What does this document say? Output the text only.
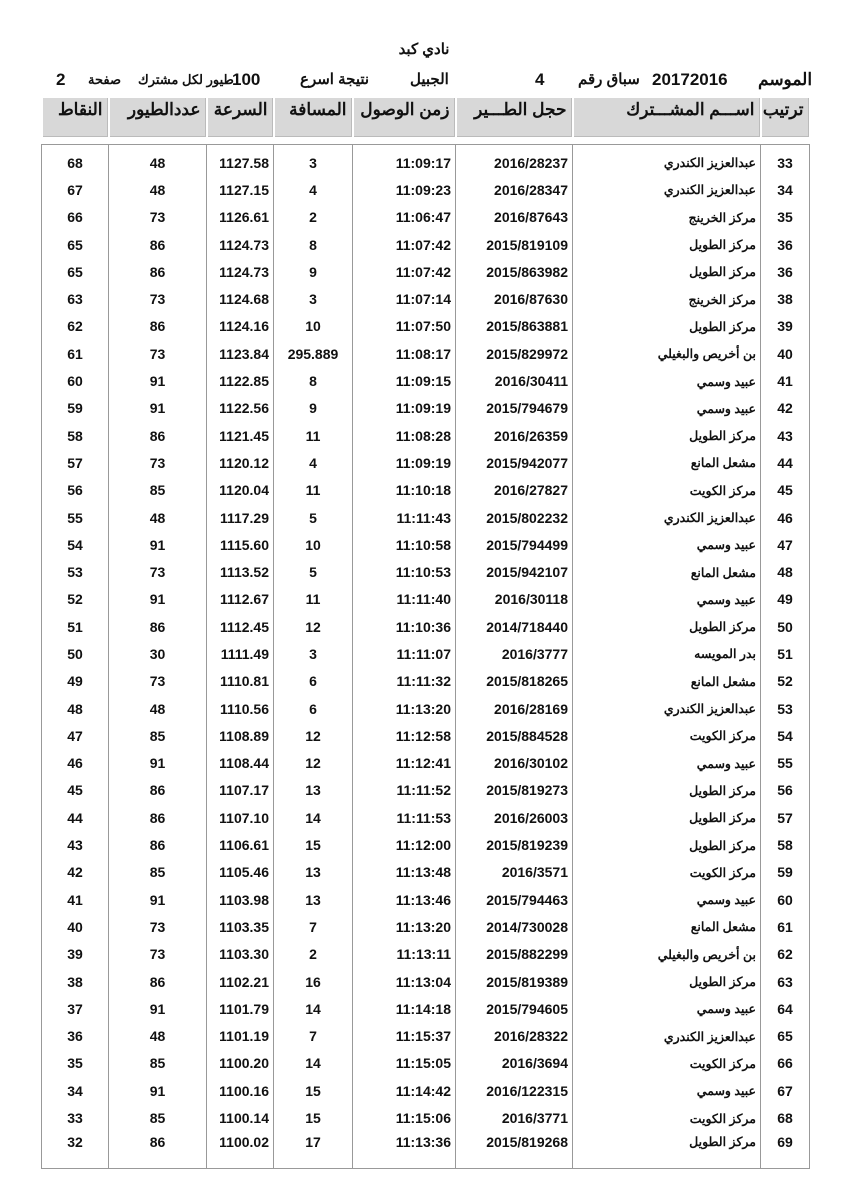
نادي كبد
الموسم
20172016
سباق رقم
4
الجبيل
نتيجة اسرع
100
طيور لكل مشترك
صفحة
2
النقاط	عددالطيور	السرعة	المسافة	زمن الوصول	حجل الطـــير	اســـم المشـــترك	ترتيب

68	48	1127.58	3	11:09:17	2016/28237	عبدالعزيز الكندري	33
67	48	1127.15	4	11:09:23	2016/28347	عبدالعزيز الكندري	34
66	73	1126.61	2	11:06:47	2016/87643	مركز الخرينج	35
65	86	1124.73	8	11:07:42	2015/819109	مركز الطويل	36
65	86	1124.73	9	11:07:42	2015/863982	مركز الطويل	36
63	73	1124.68	3	11:07:14	2016/87630	مركز الخرينج	38
62	86	1124.16	10	11:07:50	2015/863881	مركز الطويل	39
61	73	1123.84	295.889	11:08:17	2015/829972	بن أخريص والبغيلي	40
60	91	1122.85	8	11:09:15	2016/30411	عبيد وسمي	41
59	91	1122.56	9	11:09:19	2015/794679	عبيد وسمي	42
58	86	1121.45	11	11:08:28	2016/26359	مركز الطويل	43
57	73	1120.12	4	11:09:19	2015/942077	مشعل المانع	44
56	85	1120.04	11	11:10:18	2016/27827	مركز الكويت	45
55	48	1117.29	5	11:11:43	2015/802232	عبدالعزيز الكندري	46
54	91	1115.60	10	11:10:58	2015/794499	عبيد وسمي	47
53	73	1113.52	5	11:10:53	2015/942107	مشعل المانع	48
52	91	1112.67	11	11:11:40	2016/30118	عبيد وسمي	49
51	86	1112.45	12	11:10:36	2014/718440	مركز الطويل	50
50	30	1111.49	3	11:11:07	2016/3777	بدر المويسه	51
49	73	1110.81	6	11:11:32	2015/818265	مشعل المانع	52
48	48	1110.56	6	11:13:20	2016/28169	عبدالعزيز الكندري	53
47	85	1108.89	12	11:12:58	2015/884528	مركز الكويت	54
46	91	1108.44	12	11:12:41	2016/30102	عبيد وسمي	55
45	86	1107.17	13	11:11:52	2015/819273	مركز الطويل	56
44	86	1107.10	14	11:11:53	2016/26003	مركز الطويل	57
43	86	1106.61	15	11:12:00	2015/819239	مركز الطويل	58
42	85	1105.46	13	11:13:48	2016/3571	مركز الكويت	59
41	91	1103.98	13	11:13:46	2015/794463	عبيد وسمي	60
40	73	1103.35	7	11:13:20	2014/730028	مشعل المانع	61
39	73	1103.30	2	11:13:11	2015/882299	بن أخريص والبغيلي	62
38	86	1102.21	16	11:13:04	2015/819389	مركز الطويل	63
37	91	1101.79	14	11:14:18	2015/794605	عبيد وسمي	64
36	48	1101.19	7	11:15:37	2016/28322	عبدالعزيز الكندري	65
35	85	1100.20	14	11:15:05	2016/3694	مركز الكويت	66
34	91	1100.16	15	11:14:42	2016/122315	عبيد وسمي	67
33	85	1100.14	15	11:15:06	2016/3771	مركز الكويت	68
32	86	1100.02	17	11:13:36	2015/819268	مركز الطويل	69
